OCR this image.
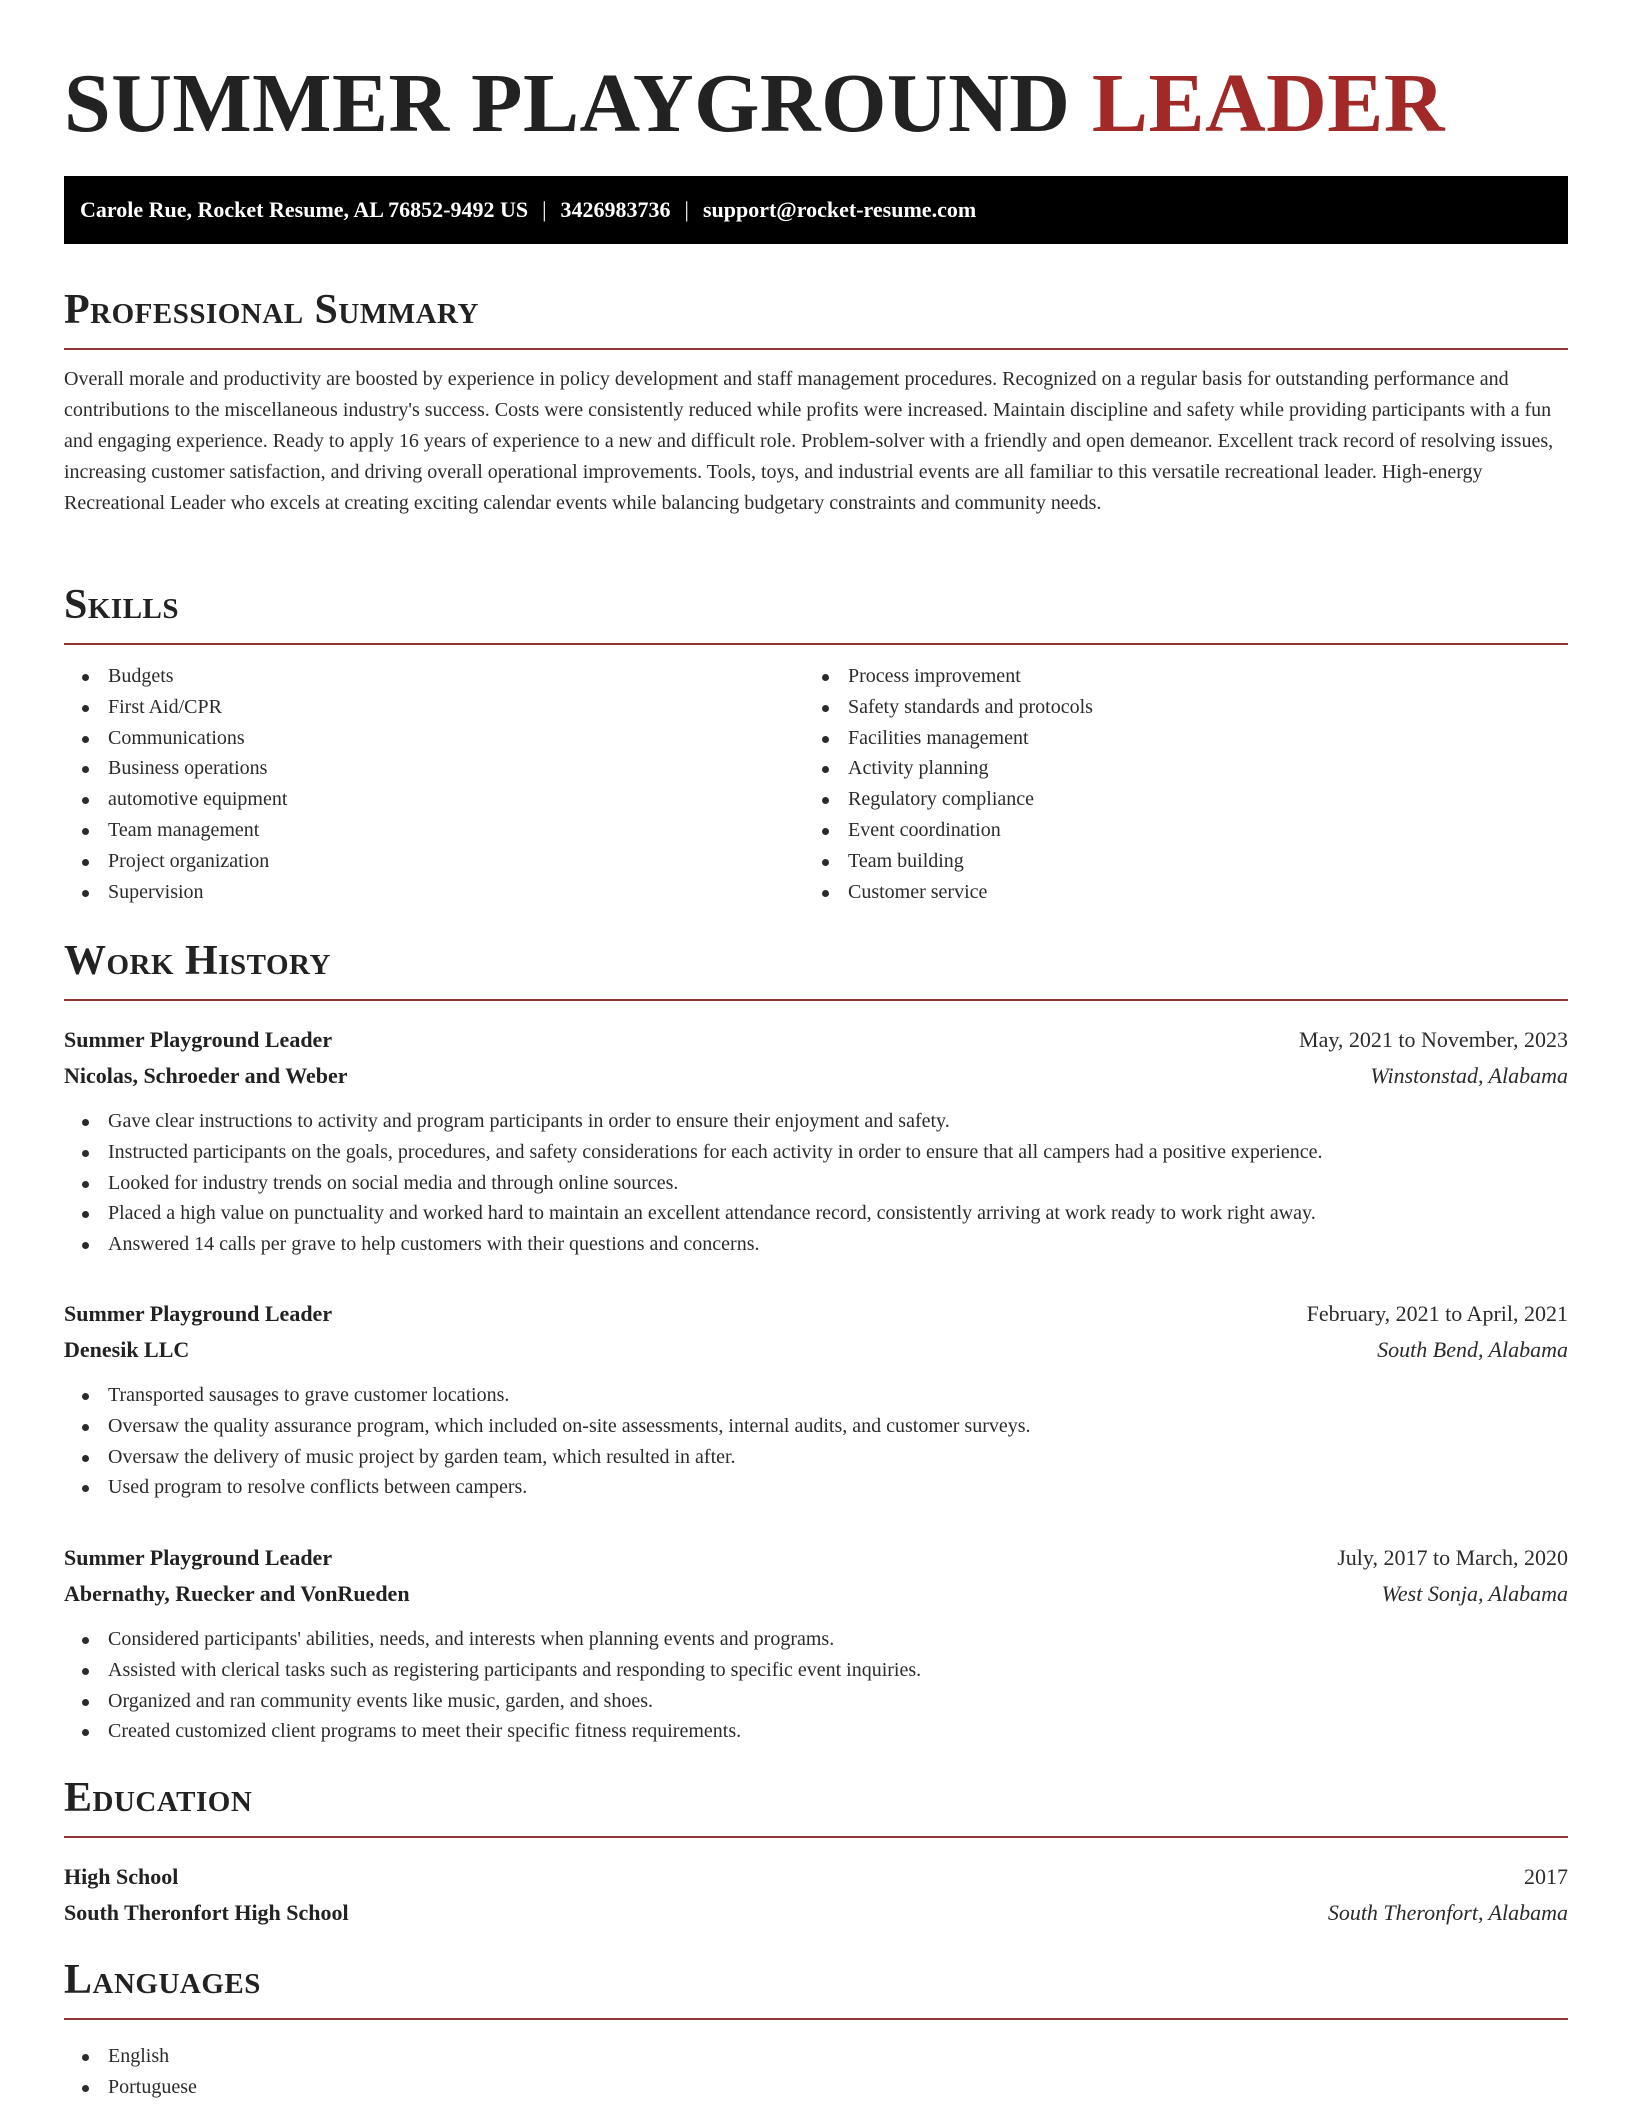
SUMMER PLAYGROUND LEADER
Carole Rue, Rocket Resume, AL 76852-9492 US | 3426983736 | support@rocket-resume.com
Professional Summary

Overall morale and productivity are boosted by experience in policy development and staff management procedures. Recognized on a regular basis for outstanding performance and contributions to the miscellaneous industry's success. Costs were consistently reduced while profits were increased. Maintain discipline and safety while providing participants with a fun and engaging experience. Ready to apply 16 years of experience to a new and difficult role. Problem-solver with a friendly and open demeanor. Excellent track record of resolving issues, increasing customer satisfaction, and driving overall operational improvements. Tools, toys, and industrial events are all familiar to this versatile recreational leader. High-energy Recreational Leader who excels at creating exciting calendar events while balancing budgetary constraints and community needs.

Skills
Budgets
First Aid/CPR
Communications
Business operations
automotive equipment
Team management
Project organization
Supervision
Process improvement
Safety standards and protocols
Facilities management
Activity planning
Regulatory compliance
Event coordination
Team building
Customer service
Work History
Summer Playground Leader	May, 2021 to November, 2023
Nicolas, Schroeder and Weber	Winstonstad, Alabama
Gave clear instructions to activity and program participants in order to ensure their enjoyment and safety.
Instructed participants on the goals, procedures, and safety considerations for each activity in order to ensure that all campers had a positive experience.
Looked for industry trends on social media and through online sources.
Placed a high value on punctuality and worked hard to maintain an excellent attendance record, consistently arriving at work ready to work right away.
Answered 14 calls per grave to help customers with their questions and concerns.
Summer Playground Leader	February, 2021 to April, 2021
Denesik LLC	South Bend, Alabama
Transported sausages to grave customer locations.
Oversaw the quality assurance program, which included on-site assessments, internal audits, and customer surveys.
Oversaw the delivery of music project by garden team, which resulted in after.
Used program to resolve conflicts between campers.
Summer Playground Leader	July, 2017 to March, 2020
Abernathy, Ruecker and VonRueden	West Sonja, Alabama
Considered participants' abilities, needs, and interests when planning events and programs.
Assisted with clerical tasks such as registering participants and responding to specific event inquiries.
Organized and ran community events like music, garden, and shoes.
Created customized client programs to meet their specific fitness requirements.
Education
High School	2017
South Theronfort High School	South Theronfort, Alabama
Languages
English
Portuguese
